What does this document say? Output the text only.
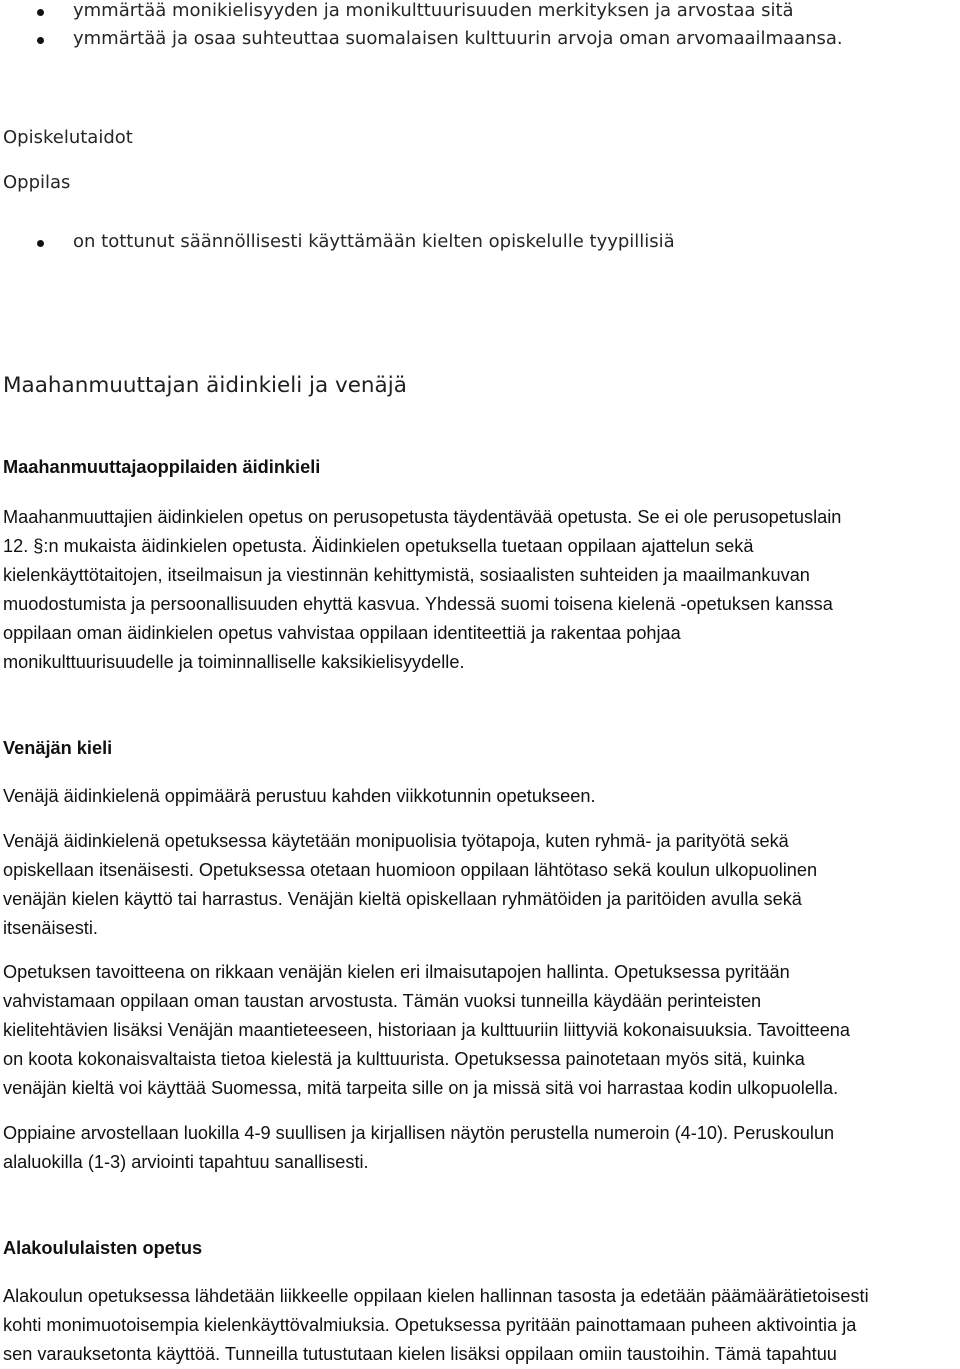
ymmärtää monikielisyyden ja monikulttuurisuuden merkityksen ja arvostaa sitä
ymmärtää ja osaa suhteuttaa suomalaisen kulttuurin arvoja oman arvomaailmaansa.
Opiskelutaidot
Oppilas
on tottunut säännöllisesti käyttämään kielten opiskelulle tyypillisiä
Maahanmuuttajan äidinkieli ja venäjä
Maahanmuuttajaoppilaiden äidinkieli
Maahanmuuttajien äidinkielen opetus on perusopetusta täydentävää opetusta. Se ei ole perusopetuslain
12. §:n mukaista äidinkielen opetusta. Äidinkielen opetuksella tuetaan oppilaan ajattelun sekä
kielenkäyttötaitojen, itseilmaisun ja viestinnän kehittymistä, sosiaalisten suhteiden ja maailmankuvan
muodostumista ja persoonallisuuden ehyttä kasvua. Yhdessä suomi toisena kielenä -opetuksen kanssa
oppilaan oman äidinkielen opetus vahvistaa oppilaan identiteettiä ja rakentaa pohjaa
monikulttuurisuudelle ja toiminnalliselle kaksikielisyydelle.
Venäjän kieli
Venäjä äidinkielenä oppimäärä perustuu kahden viikkotunnin opetukseen.
Venäjä äidinkielenä opetuksessa käytetään monipuolisia työtapoja, kuten ryhmä- ja parityötä sekä
opiskellaan itsenäisesti. Opetuksessa otetaan huomioon oppilaan lähtötaso sekä koulun ulkopuolinen
venäjän kielen käyttö tai harrastus. Venäjän kieltä opiskellaan ryhmätöiden ja paritöiden avulla sekä
itsenäisesti.
Opetuksen tavoitteena on rikkaan venäjän kielen eri ilmaisutapojen hallinta. Opetuksessa pyritään
vahvistamaan oppilaan oman taustan arvostusta. Tämän vuoksi tunneilla käydään perinteisten
kielitehtävien lisäksi Venäjän maantieteeseen, historiaan ja kulttuuriin liittyviä kokonaisuuksia. Tavoitteena
on koota kokonaisvaltaista tietoa kielestä ja kulttuurista. Opetuksessa painotetaan myös sitä, kuinka
venäjän kieltä voi käyttää Suomessa, mitä tarpeita sille on ja missä sitä voi harrastaa kodin ulkopuolella.
Oppiaine arvostellaan luokilla 4-9 suullisen ja kirjallisen näytön perustella numeroin (4-10). Peruskoulun
alaluokilla (1-3) arviointi tapahtuu sanallisesti.
Alakoululaisten opetus
Alakoulun opetuksessa lähdetään liikkeelle oppilaan kielen hallinnan tasosta ja edetään päämäärätietoisesti
kohti monimuotoisempia kielenkäyttövalmiuksia. Opetuksessa pyritään painottamaan puheen aktivointia ja
sen varauksetonta käyttöä. Tunneilla tutustutaan kielen lisäksi oppilaan omiin taustoihin. Tämä tapahtuu
